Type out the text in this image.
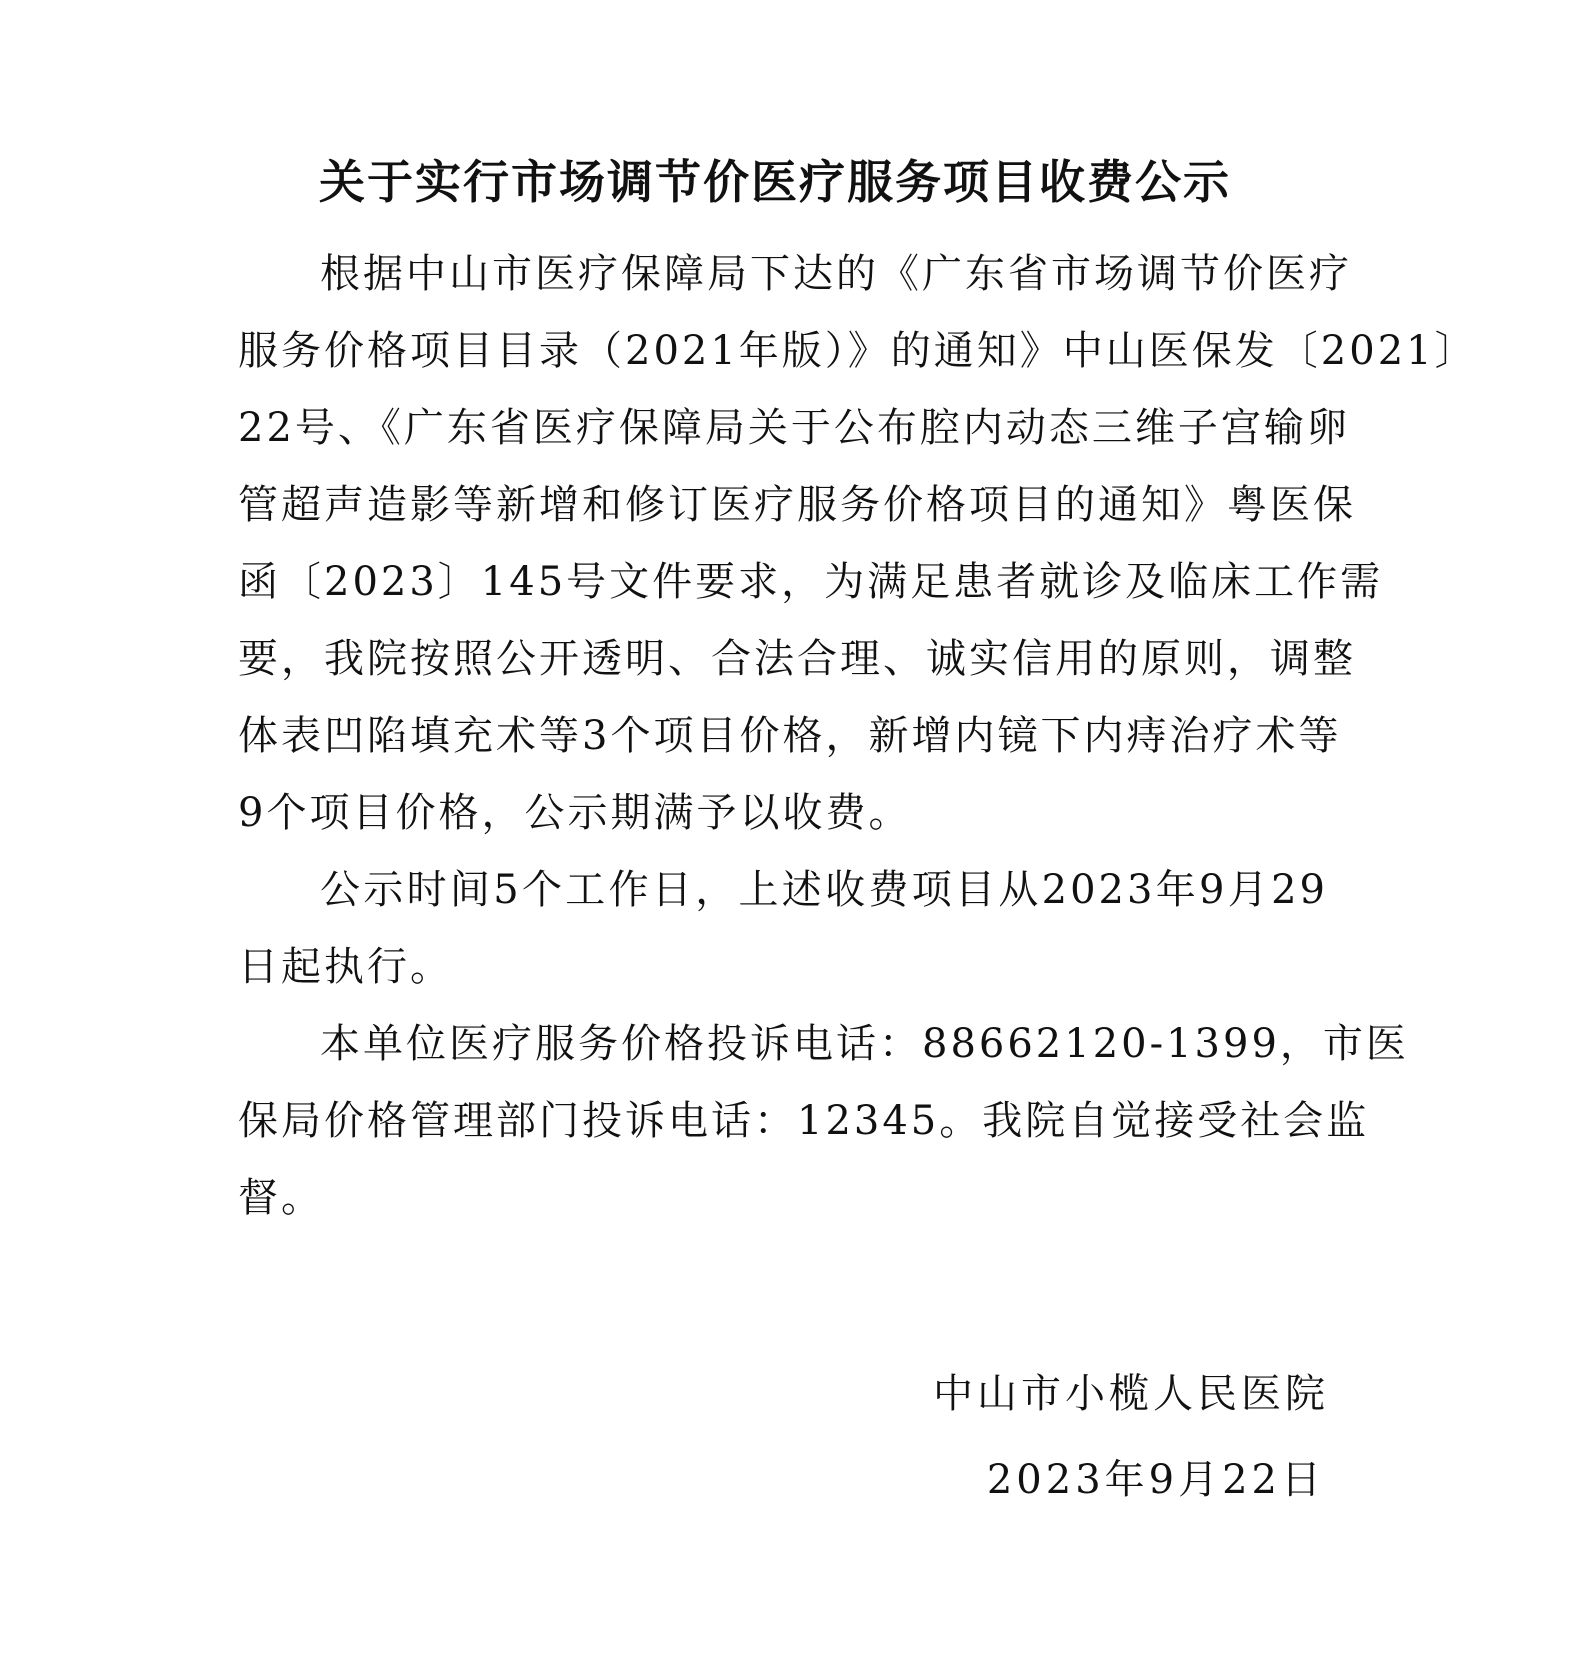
关于实行市场调节价医疗服务项目收费公示
根据中山市医疗保障局下达的《广东省市场调节价医疗
服务价格项目目录（2021年版）》的通知》中山医保发〔2021〕
22号、《广东省医疗保障局关于公布腔内动态三维子宫输卵
管超声造影等新增和修订医疗服务价格项目的通知》粤医保
函〔2023〕145号文件要求，为满足患者就诊及临床工作需
要，我院按照公开透明、合法合理、诚实信用的原则，调整
体表凹陷填充术等3个项目价格，新增内镜下内痔治疗术等
9个项目价格，公示期满予以收费。
公示时间5个工作日，上述收费项目从2023年9月29
日起执行。
本单位医疗服务价格投诉电话：88662120-1399，市医
保局价格管理部门投诉电话：12345。我院自觉接受社会监
督。
中山市小榄人民医院
2023年9月22日
